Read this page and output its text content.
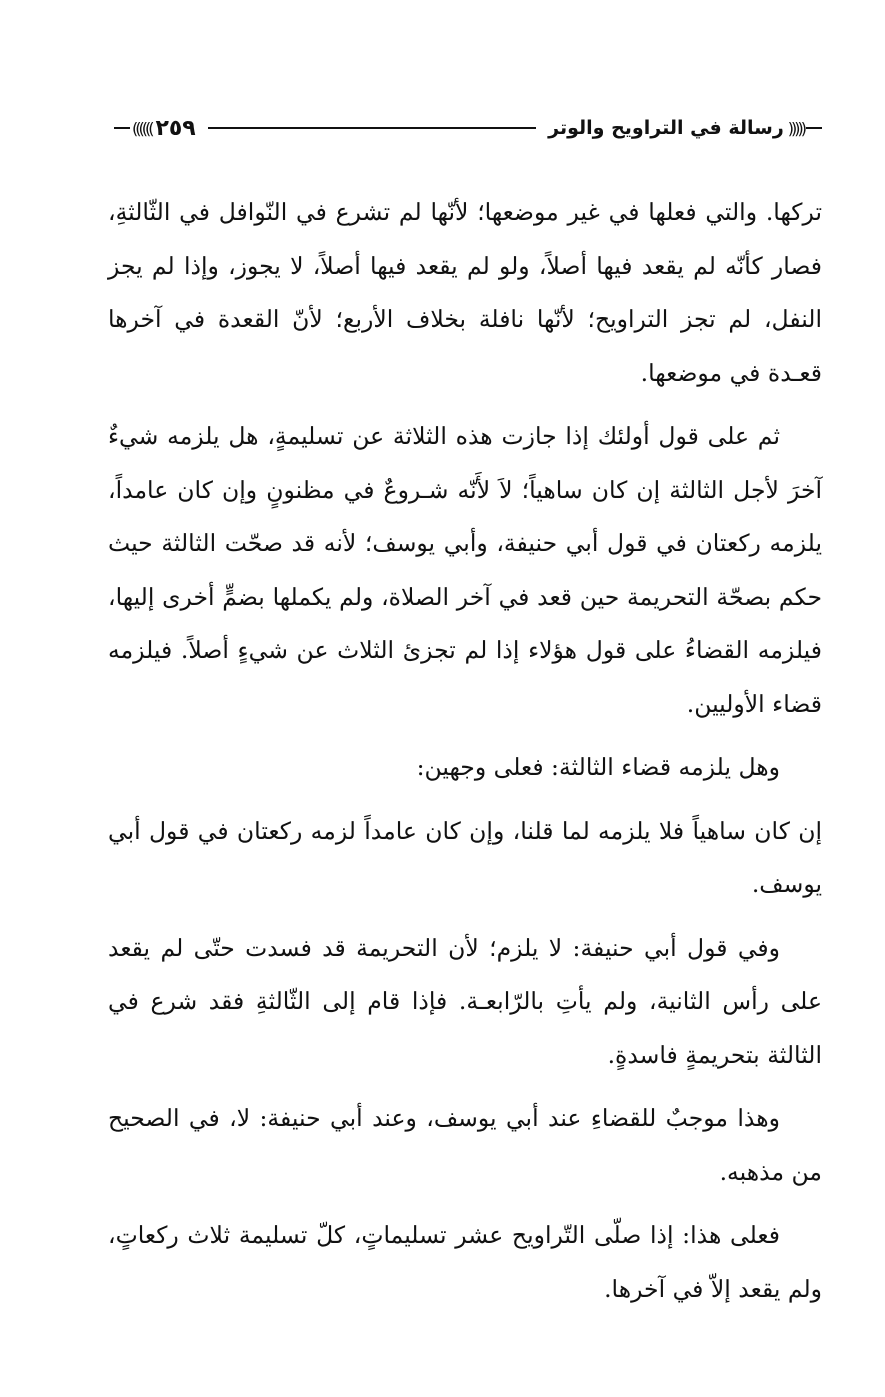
(((((
رسالة في التراويح والوتر
٢٥٩
))))))

تركها. والتي فعلها في غير موضعها؛ لأنّها لم تشرع في النّوافل في الثّالثةِ، فصار كأنّه لم يقعد فيها أصلاً، ولو لم يقعد فيها أصلاً، لا يجوز، وإذا لم يجز النفل، لم تجز التراويح؛ لأنّها نافلة بخلاف الأربع؛ لأنّ القعدة في آخرها قعـدة في موضعها.

ثم على قول أولئك إذا جازت هذه الثلاثة عن تسليمةٍ، هل يلزمه شيءٌ آخرَ لأجل الثالثة إن كان ساهياً؛ لاَ لأَنّه شـروعٌ في مظنونٍ وإن كان عامداً، يلزمه ركعتان في قول أبي حنيفة، وأبي يوسف؛ لأنه قد صحّت الثالثة حيث حكم بصحّة التحريمة حين قعد في آخر الصلاة، ولم يكملها بضمٍّ أخرى إليها، فيلزمه القضاءُ على قول هؤلاء إذا لم تجزئ الثلاث عن شيءٍ أصلاً. فيلزمه قضاء الأوليين.

وهل يلزمه قضاء الثالثة: فعلى وجهين:

إن كان ساهياً فلا يلزمه لما قلنا، وإن كان عامداً لزمه ركعتان في قول أبي يوسف.

وفي قول أبي حنيفة: لا يلزم؛ لأن التحريمة قد فسدت حتّى لم يقعد على رأس الثانية، ولم يأتِ بالرّابعـة. فإذا قام إلى الثّالثةِ فقد شرع في الثالثة بتحريمةٍ فاسدةٍ.

وهذا موجبٌ للقضاءِ عند أبي يوسف، وعند أبي حنيفة: لا، في الصحيح من مذهبه.

فعلى هذا: إذا صلّى التّراويح عشر تسليماتٍ، كلّ تسليمة ثلاث ركعاتٍ، ولم يقعد إلاّ في آخرها.
